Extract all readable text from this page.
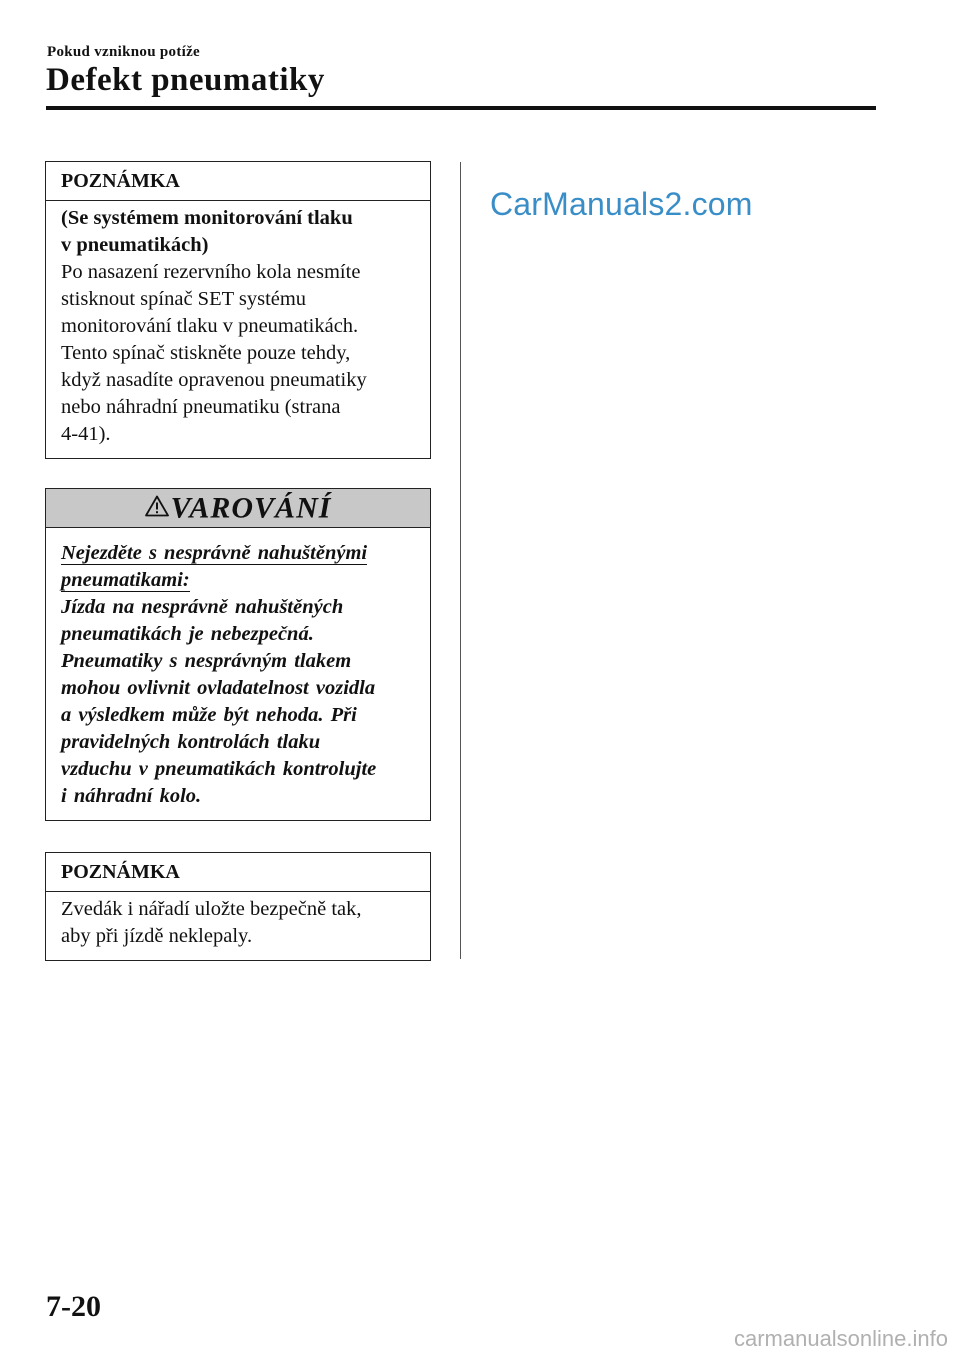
Pokud vzniknou potíže
Defekt pneumatiky
POZNÁMKA
(Se systémem monitorování tlaku
v pneumatikách)
Po nasazení rezervního kola nesmíte
stisknout spínač SET systému
monitorování tlaku v pneumatikách.
Tento spínač stiskněte pouze tehdy,
když nasadíte opravenou pneumatiky
nebo náhradní pneumatiku (strana
4-41).
VAROVÁNÍ
Nejezděte s nesprávně nahuštěnými
pneumatikami:
Jízda na nesprávně nahuštěných
pneumatikách je nebezpečná.
Pneumatiky s nesprávným tlakem
mohou ovlivnit ovladatelnost vozidla
a výsledkem může být nehoda. Při
pravidelných kontrolách tlaku
vzduchu v pneumatikách kontrolujte
i náhradní kolo.
POZNÁMKA
Zvedák i nářadí uložte bezpečně tak,
aby při jízdě neklepaly.
CarManuals2.com
7-20
carmanualsonline.info
